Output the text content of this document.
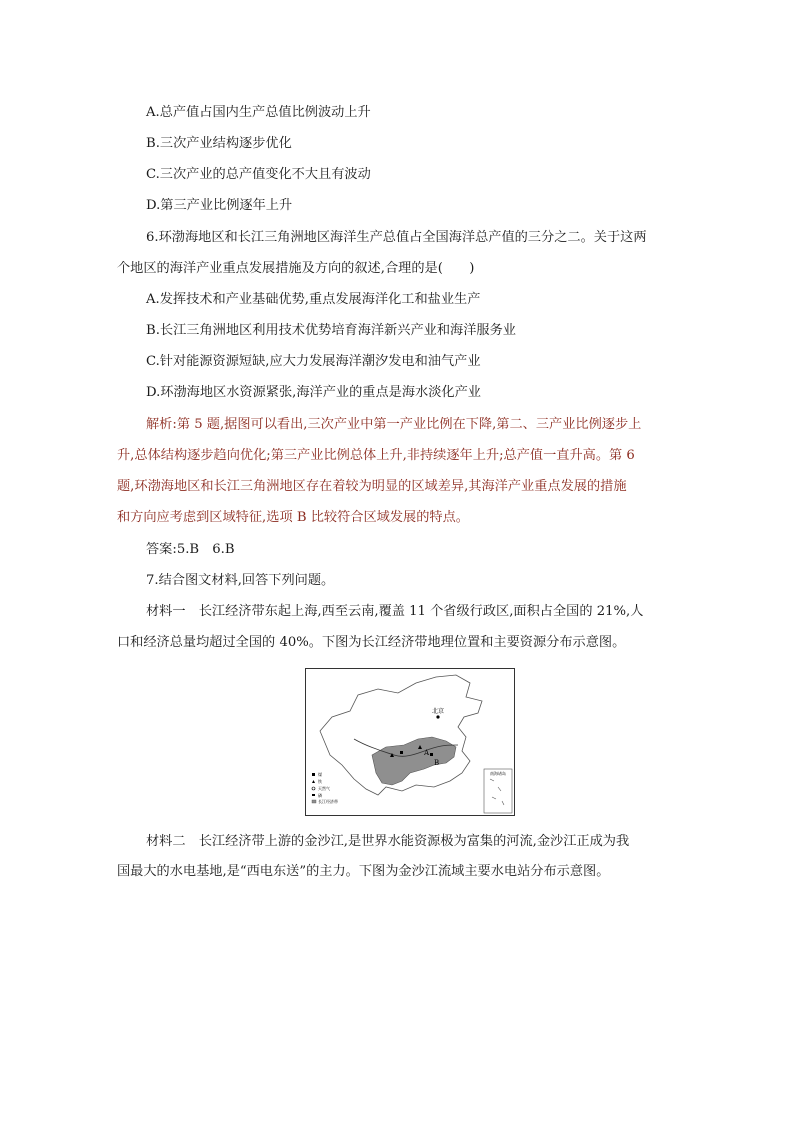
A.总产值占国内生产总值比例波动上升
B.三次产业结构逐步优化
C.三次产业的总产值变化不大且有波动
D.第三产业比例逐年上升
6.环渤海地区和长江三角洲地区海洋生产总值占全国海洋总产值的三分之二。关于这两
个地区的海洋产业重点发展措施及方向的叙述,合理的是(　　)
A.发挥技术和产业基础优势,重点发展海洋化工和盐业生产
B.长江三角洲地区利用技术优势培育海洋新兴产业和海洋服务业
C.针对能源资源短缺,应大力发展海洋潮汐发电和油气产业
D.环渤海地区水资源紧张,海洋产业的重点是海水淡化产业
解析:第 5 题,据图可以看出,三次产业中第一产业比例在下降,第二、三产业比例逐步上
升,总体结构逐步趋向优化;第三产业比例总体上升,非持续逐年上升;总产值一直升高。第 6
题,环渤海地区和长江三角洲地区存在着较为明显的区域差异,其海洋产业重点发展的措施
和方向应考虑到区域特征,选项 B 比较符合区域发展的特点。
答案:5.B　6.B
7.结合图文材料,回答下列问题。
材料一　长江经济带东起上海,西至云南,覆盖 11 个省级行政区,面积占全国的 21%,人
口和经济总量均超过全国的 40%。下图为长江经济带地理位置和主要资源分布示意图。
北京
A
B
煤
铁
天然气
磷
长江经济带
南海诸岛
材料二　长江经济带上游的金沙江,是世界水能资源极为富集的河流,金沙江正成为我
国最大的水电基地,是“西电东送”的主力。下图为金沙江流域主要水电站分布示意图。
